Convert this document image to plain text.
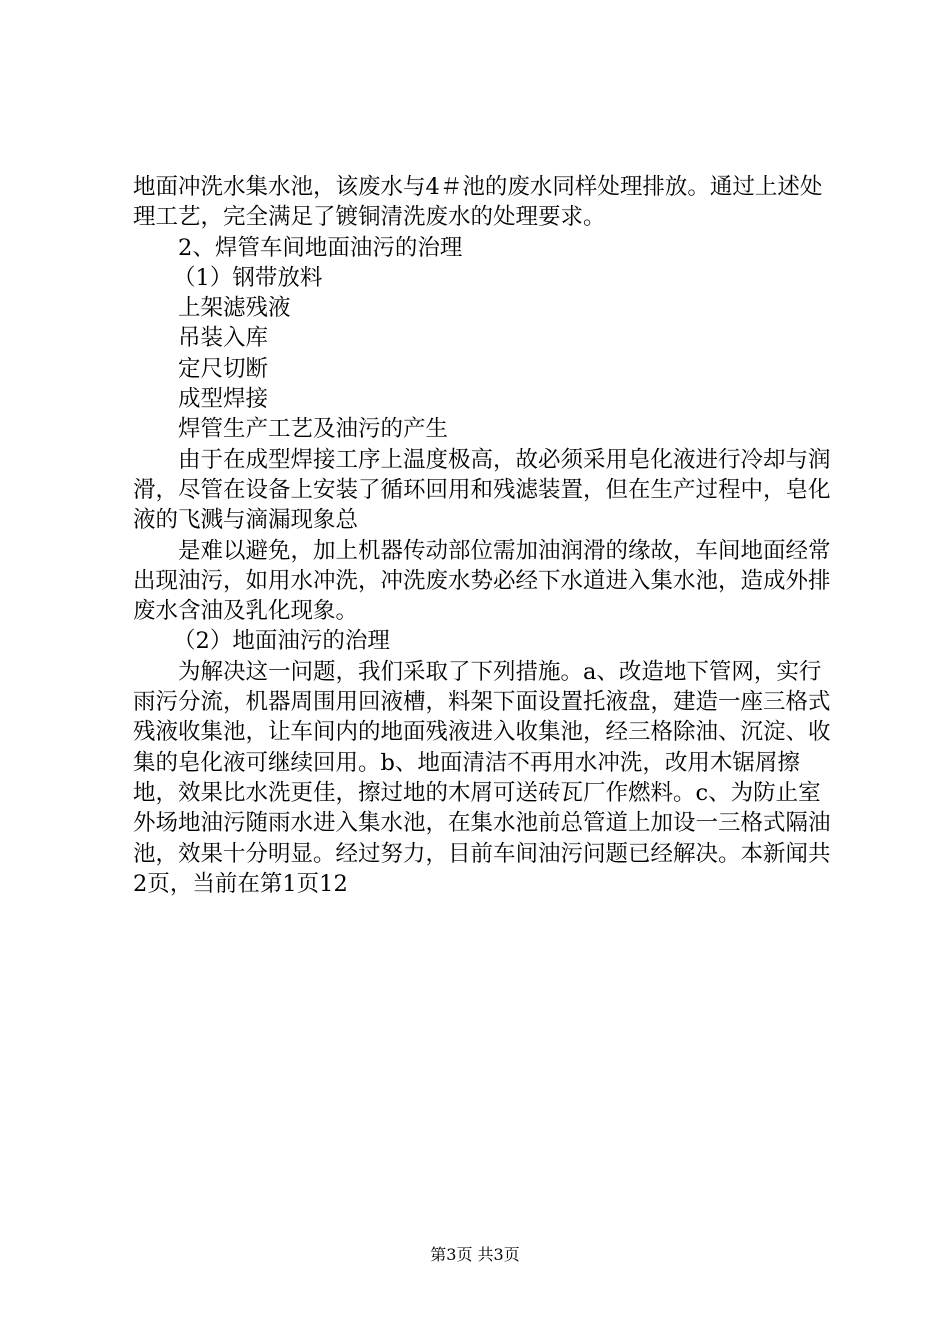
地面冲洗水集水池，该废水与4＃池的废水同样处理排放。通过上述处理工艺，完全满足了镀铜清洗废水的处理要求。

2、焊管车间地面油污的治理

（1）钢带放料

上架滤残液

吊装入库

定尺切断

成型焊接

焊管生产工艺及油污的产生

由于在成型焊接工序上温度极高，故必须采用皂化液进行冷却与润滑，尽管在设备上安装了循环回用和残滤装置，但在生产过程中，皂化液的飞溅与滴漏现象总

是难以避免，加上机器传动部位需加油润滑的缘故，车间地面经常出现油污，如用水冲洗，冲洗废水势必经下水道进入集水池，造成外排废水含油及乳化现象。

（2）地面油污的治理

为解决这一问题，我们采取了下列措施。a、改造地下管网，实行雨污分流，机器周围用回液槽，料架下面设置托液盘，建造一座三格式残液收集池，让车间内的地面残液进入收集池，经三格除油、沉淀、收集的皂化液可继续回用。b、地面清洁不再用水冲洗，改用木锯屑擦地，效果比水洗更佳，擦过地的木屑可送砖瓦厂作燃料。c、为防止室外场地油污随雨水进入集水池，在集水池前总管道上加设一三格式隔油池，效果十分明显。经过努力，目前车间油污问题已经解决。本新闻共2页，当前在第1页12

第3页 共3页
